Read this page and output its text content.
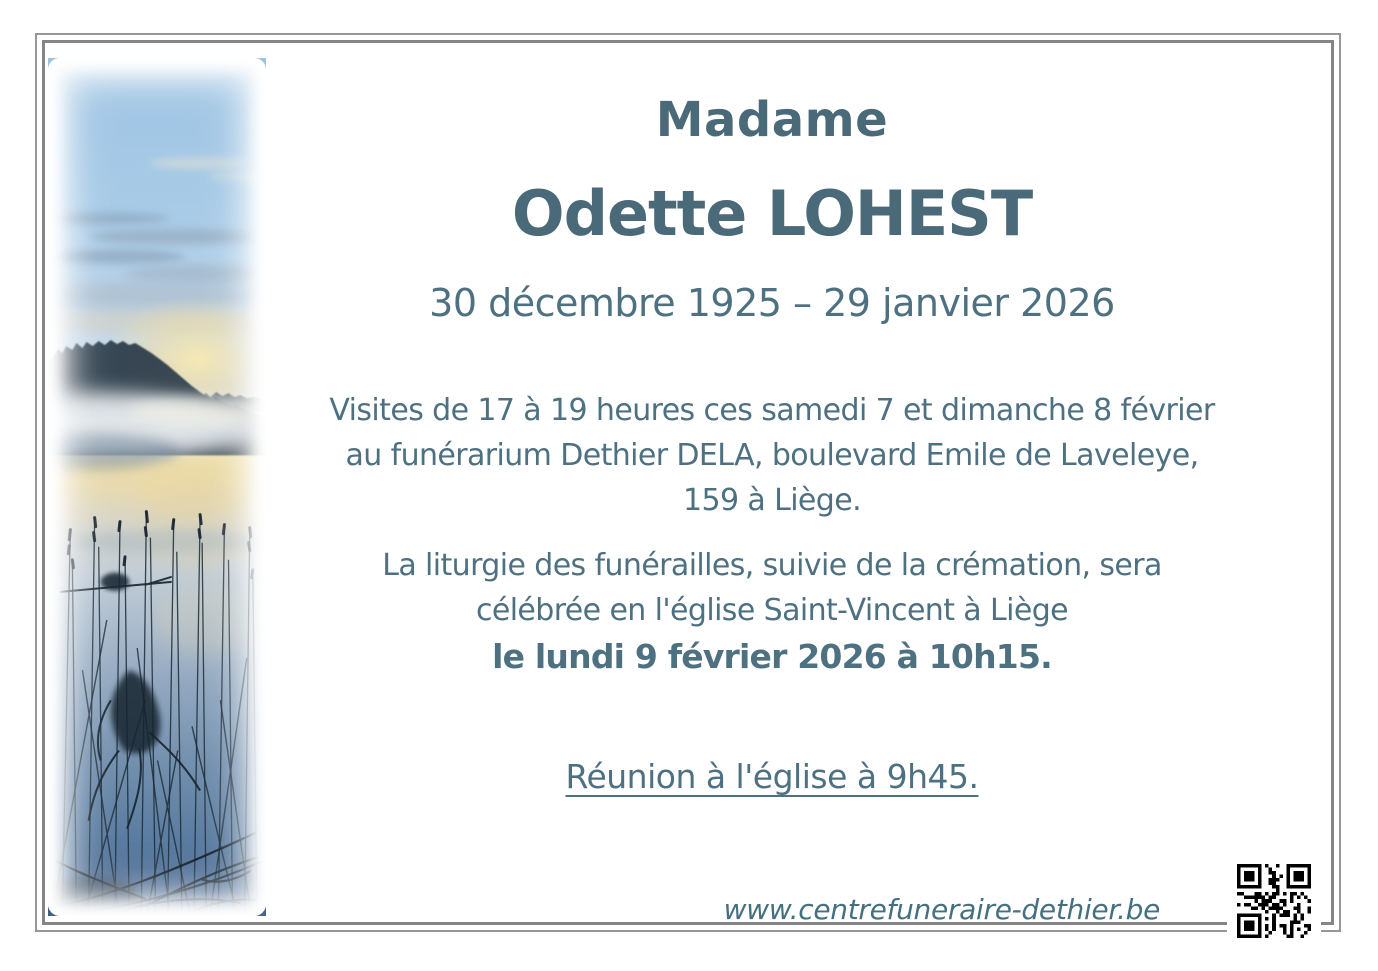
Madame
Odette LOHEST
30 décembre 1925 – 29 janvier 2026
Visites de 17 à 19 heures ces samedi 7 et dimanche 8 février
au funérarium Dethier DELA, boulevard Emile de Laveleye,
159 à Liège.
La liturgie des funérailles, suivie de la crémation, sera
célébrée en l'église Saint-Vincent à Liège
le lundi 9 février 2026 à 10h15.
Réunion à l'église à 9h45.
www.centrefuneraire-dethier.be
